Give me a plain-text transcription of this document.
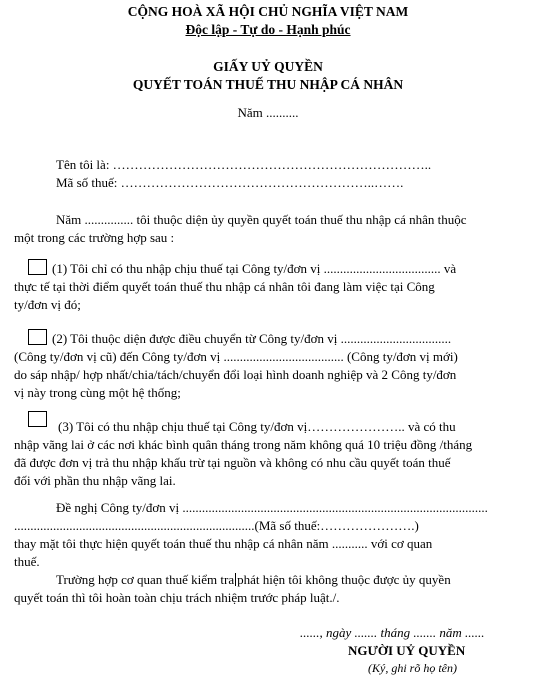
CỘNG HOÀ XÃ HỘI CHỦ NGHĨA VIỆT NAM
Độc lập - Tự do - Hạnh phúc
GIẤY UỶ QUYỀN
QUYẾT TOÁN THUẾ THU NHẬP CÁ NHÂN
Năm ..........
Tên tôi là: ………………………………………………………………..
Mã số thuế: …………………………………………………..…….
Năm ............... tôi thuộc diện ủy quyền quyết toán thuế thu nhập cá nhân thuộc
một trong các trường hợp sau :
(1) Tôi chỉ có thu nhập chịu thuế tại Công ty/đơn vị .................................... và
thực tế tại thời điểm quyết toán thuế thu nhập cá nhân tôi đang làm việc tại Công
ty/đơn vị đó;
(2) Tôi thuộc diện được điều chuyển từ Công ty/đơn vị ..................................
(Công ty/đơn vị cũ) đến Công ty/đơn vị ..................................... (Công ty/đơn vị mới)
do sáp nhập/ hợp nhất/chia/tách/chuyển đổi loại hình doanh nghiệp và 2 Công ty/đơn
vị này trong cùng một hệ thống;
(3) Tôi có thu nhập chịu thuế tại Công ty/đơn vị………………….. và có thu
nhập vãng lai ở các nơi khác bình quân tháng trong năm không quá 10 triệu đồng /tháng
đã được đơn vị trả thu nhập khấu trừ tại nguồn và không có nhu cầu quyết toán thuế
đối với phần thu nhập vãng lai.
Đề nghị Công ty/đơn vị ..............................................................................................
..........................................................................(Mã số thuế:………………….)
thay mặt tôi thực hiện quyết toán thuế thu nhập cá nhân năm ........... với cơ quan
thuế.
Trường hợp cơ quan thuế kiểm tra phát hiện tôi không thuộc được ủy quyền
quyết toán thì tôi hoàn toàn chịu trách nhiệm trước pháp luật./.
......, ngày ....... tháng ....... năm ......
NGƯỜI UỶ QUYỀN
(Ký, ghi rõ họ tên)
